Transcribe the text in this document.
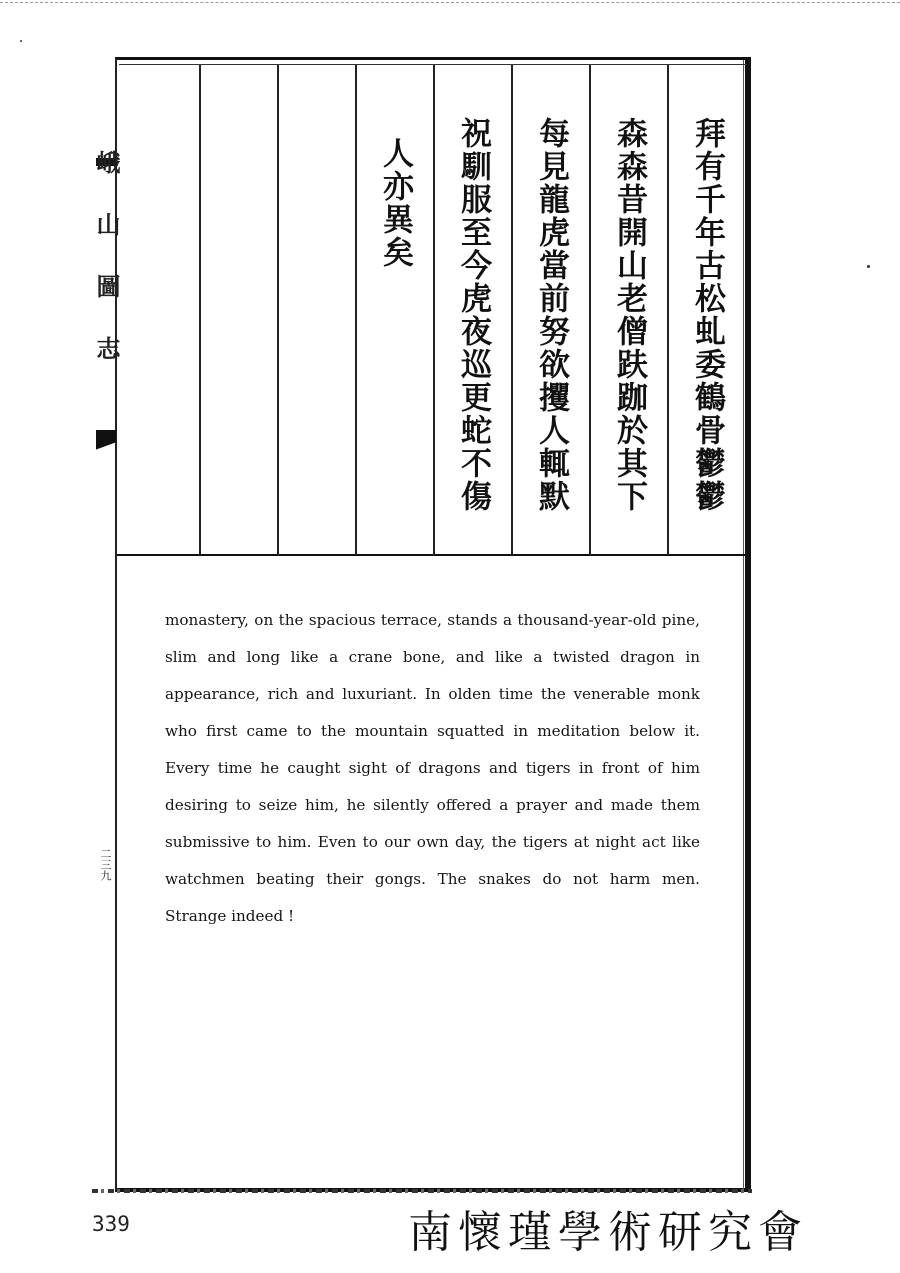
拜有千年古松虬委鶴骨鬱鬱
森森昔開山老僧趺跏於其下
每見龍虎當前努欲攫人輒默
祝馴服至今虎夜巡更蛇不傷
人亦異矣
峨山圖志
二三九

monastery, on the spacious terrace, stands a thousand-year-old pine, slim and long like a crane bone, and like a twisted dragon in appearance, rich and luxuriant. In olden time the venerable monk who first came to the mountain squatted in meditation below it. Every time he caught sight of dragons and tigers in front of him desiring to seize him, he silently offered a prayer and made them submissive to him. Even to our own day, the tigers at night act like watchmen beating their gongs. The snakes do not harm men. Strange indeed !

339	南懷瑾學術研究會
